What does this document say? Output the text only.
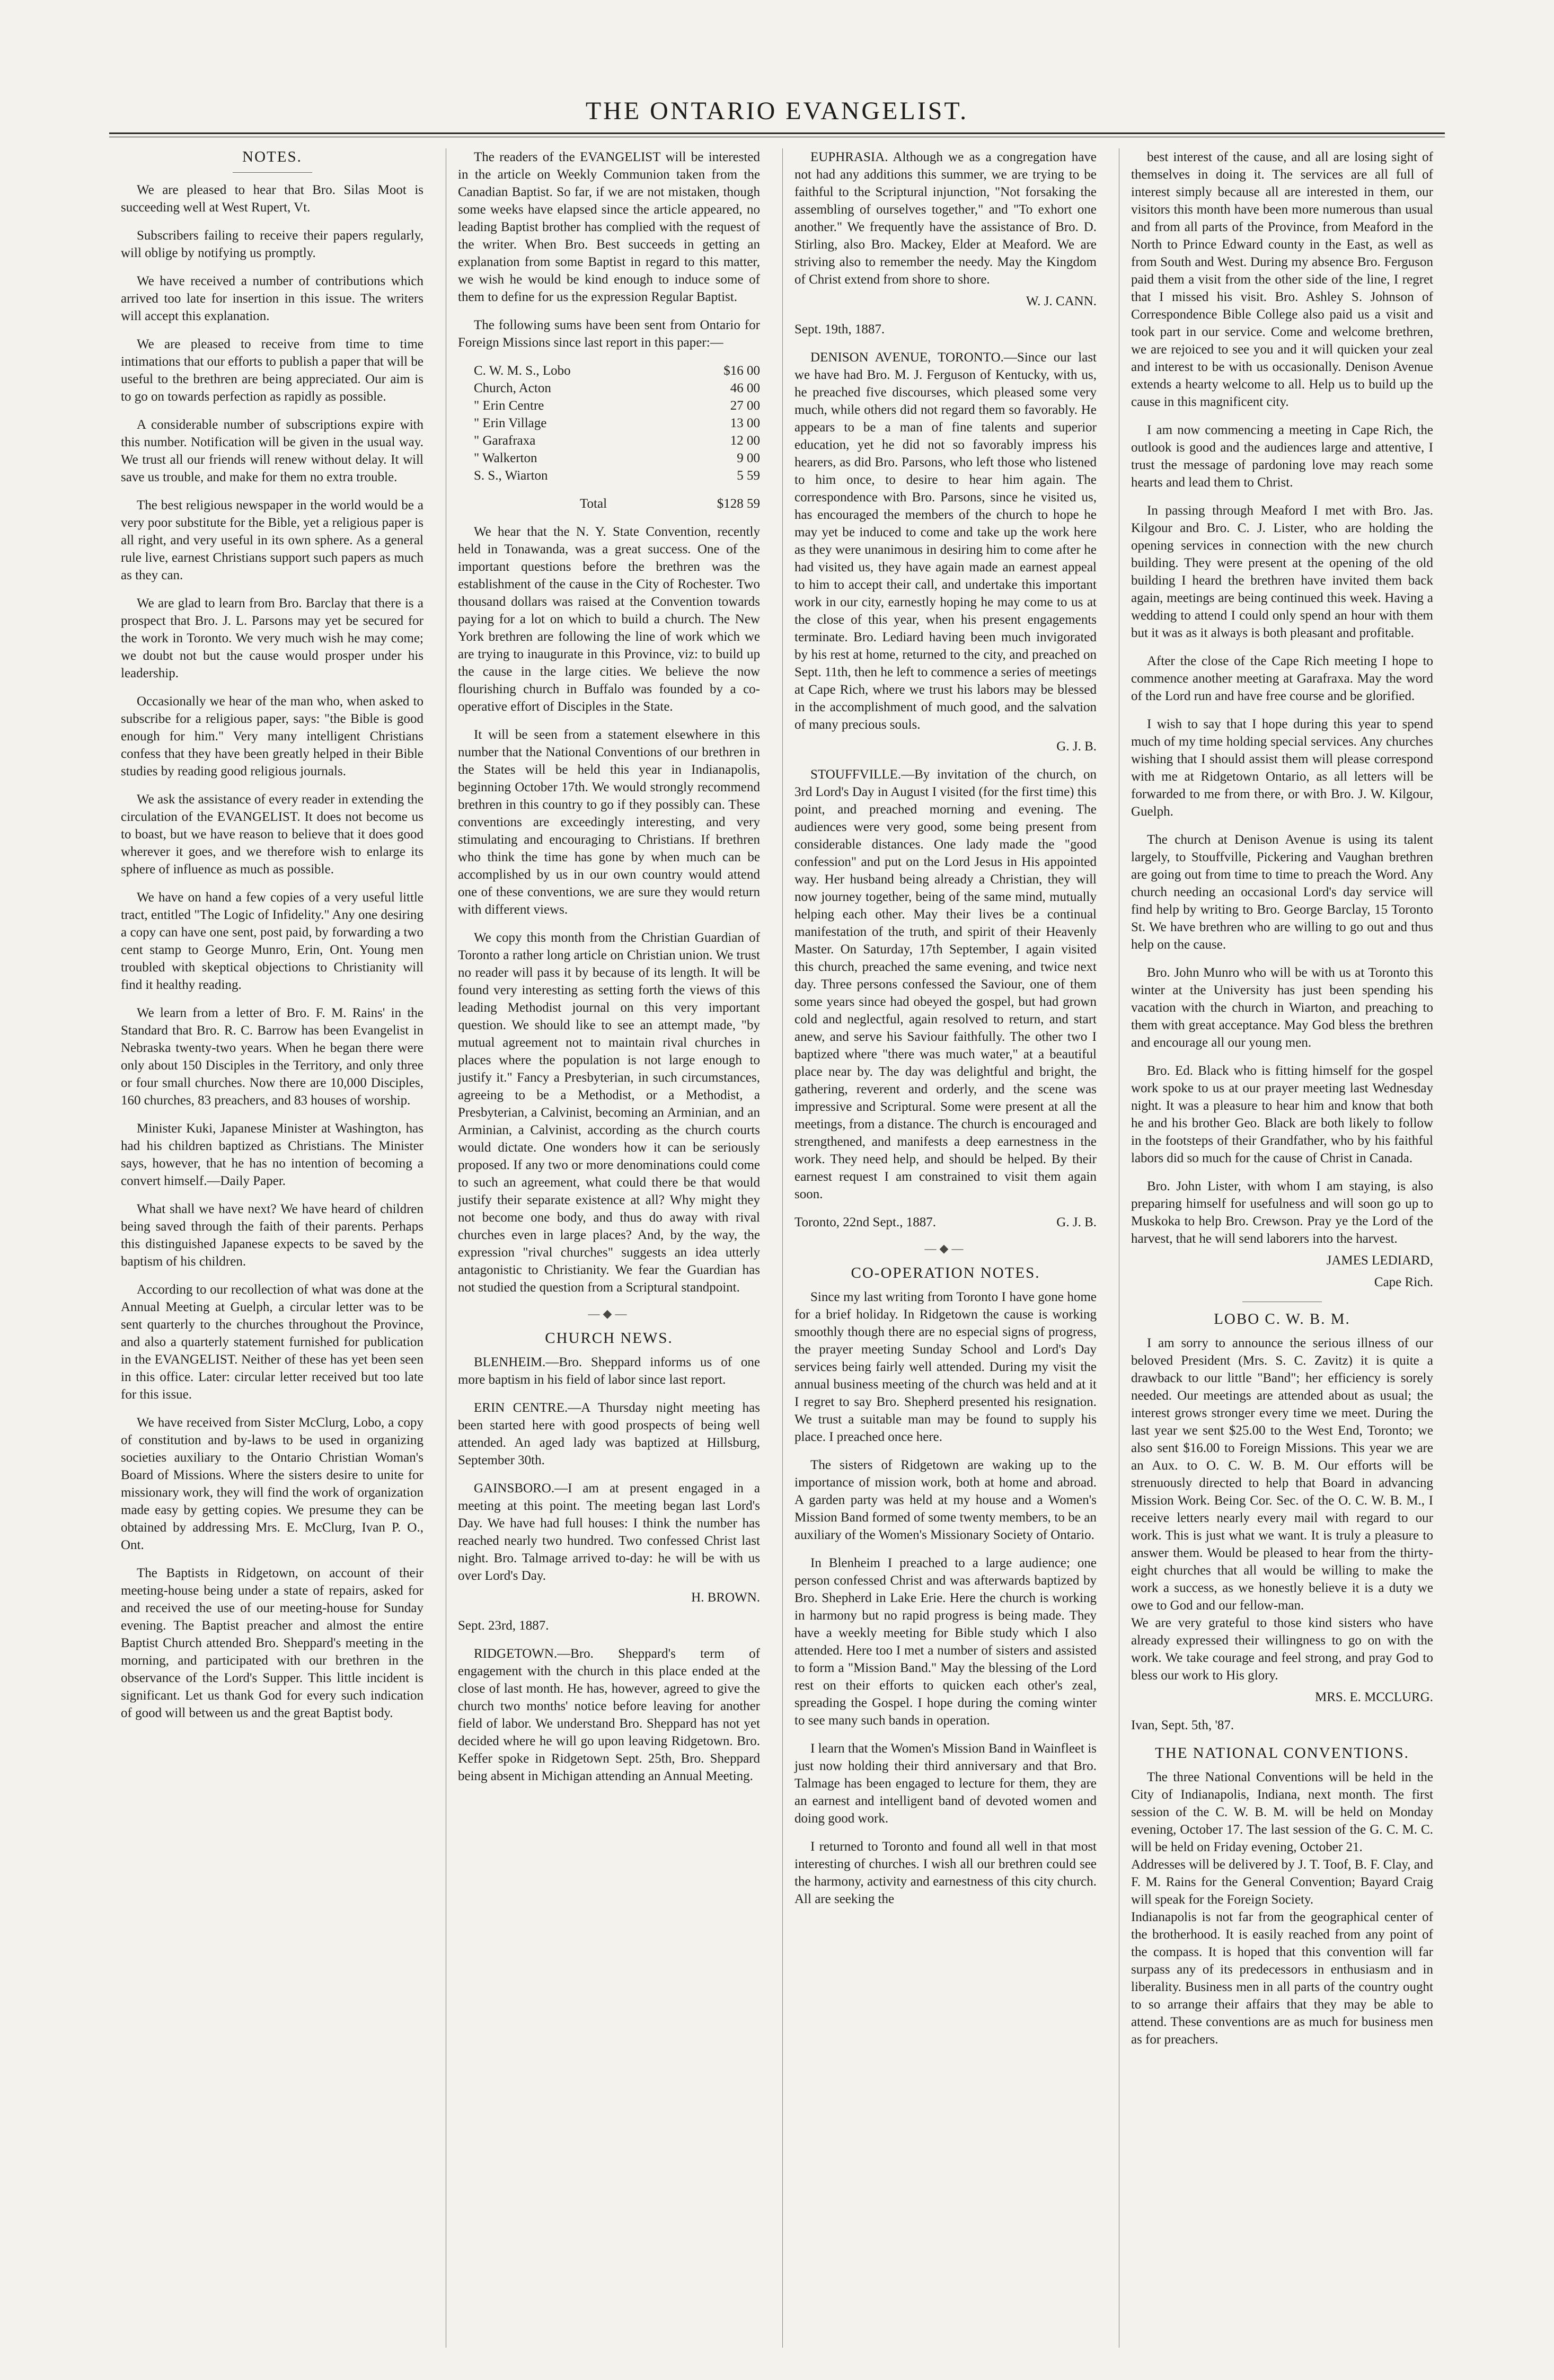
THE ONTARIO EVANGELIST.
NOTES.
We are pleased to hear that Bro. Silas Moot is succeeding well at West Rupert, Vt.
Subscribers failing to receive their papers regularly, will oblige by notifying us promptly.
We have received a number of contributions which arrived too late for insertion in this issue. The writers will accept this explanation.
We are pleased to receive from time to time intimations that our efforts to publish a paper that will be useful to the brethren are being appreciated. Our aim is to go on towards perfection as rapidly as possible.
A considerable number of subscriptions expire with this number. Notification will be given in the usual way. We trust all our friends will renew without delay. It will save us trouble, and make for them no extra trouble.
The best religious newspaper in the world would be a very poor substitute for the Bible, yet a religious paper is all right, and very useful in its own sphere. As a general rule live, earnest Christians support such papers as much as they can.
We are glad to learn from Bro. Barclay that there is a prospect that Bro. J. L. Parsons may yet be secured for the work in Toronto. We very much wish he may come; we doubt not but the cause would prosper under his leadership.
Occasionally we hear of the man who, when asked to subscribe for a religious paper, says: "the Bible is good enough for him." Very many intelligent Christians confess that they have been greatly helped in their Bible studies by reading good religious journals.
We ask the assistance of every reader in extending the circulation of the EVANGELIST. It does not become us to boast, but we have reason to believe that it does good wherever it goes, and we therefore wish to enlarge its sphere of influence as much as possible.
We have on hand a few copies of a very useful little tract, entitled "The Logic of Infidelity." Any one desiring a copy can have one sent, post paid, by forwarding a two cent stamp to George Munro, Erin, Ont. Young men troubled with skeptical objections to Christianity will find it healthy reading.
We learn from a letter of Bro. F. M. Rains' in the Standard that Bro. R. C. Barrow has been Evangelist in Nebraska twenty-two years. When he began there were only about 150 Disciples in the Territory, and only three or four small churches. Now there are 10,000 Disciples, 160 churches, 83 preachers, and 83 houses of worship.
Minister Kuki, Japanese Minister at Washington, has had his children baptized as Christians. The Minister says, however, that he has no intention of becoming a convert himself.—Daily Paper.
What shall we have next? We have heard of children being saved through the faith of their parents. Perhaps this distinguished Japanese expects to be saved by the baptism of his children.
According to our recollection of what was done at the Annual Meeting at Guelph, a circular letter was to be sent quarterly to the churches throughout the Province, and also a quarterly statement furnished for publication in the EVANGELIST. Neither of these has yet been seen in this office. Later: circular letter received but too late for this issue.
We have received from Sister McClurg, Lobo, a copy of constitution and by-laws to be used in organizing societies auxiliary to the Ontario Christian Woman's Board of Missions. Where the sisters desire to unite for missionary work, they will find the work of organization made easy by getting copies. We presume they can be obtained by addressing Mrs. E. McClurg, Ivan P. O., Ont.
The Baptists in Ridgetown, on account of their meeting-house being under a state of repairs, asked for and received the use of our meeting-house for Sunday evening. The Baptist preacher and almost the entire Baptist Church attended Bro. Sheppard's meeting in the morning, and participated with our brethren in the observance of the Lord's Supper. This little incident is significant. Let us thank God for every such indication of good will between us and the great Baptist body.
The readers of the EVANGELIST will be interested in the article on Weekly Communion taken from the Canadian Baptist. So far, if we are not mistaken, though some weeks have elapsed since the article appeared, no leading Baptist brother has complied with the request of the writer. When Bro. Best succeeds in getting an explanation from some Baptist in regard to this matter, we wish he would be kind enough to induce some of them to define for us the expression Regular Baptist.
The following sums have been sent from Ontario for Foreign Missions since last report in this paper:—
C. W. M. S., Lobo	$16 00
Church, Acton	46 00
" Erin Centre	27 00
" Erin Village	13 00
" Garafraxa	12 00
" Walkerton	9 00
S. S., Wiarton	5 59
Total	$128 59
We hear that the N. Y. State Convention, recently held in Tonawanda, was a great success. One of the important questions before the brethren was the establishment of the cause in the City of Rochester. Two thousand dollars was raised at the Convention towards paying for a lot on which to build a church. The New York brethren are following the line of work which we are trying to inaugurate in this Province, viz: to build up the cause in the large cities. We believe the now flourishing church in Buffalo was founded by a co-operative effort of Disciples in the State.
It will be seen from a statement elsewhere in this number that the National Conventions of our brethren in the States will be held this year in Indianapolis, beginning October 17th. We would strongly recommend brethren in this country to go if they possibly can. These conventions are exceedingly interesting, and very stimulating and encouraging to Christians. If brethren who think the time has gone by when much can be accomplished by us in our own country would attend one of these conventions, we are sure they would return with different views.
We copy this month from the Christian Guardian of Toronto a rather long article on Christian union. We trust no reader will pass it by because of its length. It will be found very interesting as setting forth the views of this leading Methodist journal on this very important question. We should like to see an attempt made, "by mutual agreement not to maintain rival churches in places where the population is not large enough to justify it." Fancy a Presbyterian, in such circumstances, agreeing to be a Methodist, or a Methodist, a Presbyterian, a Calvinist, becoming an Arminian, and an Arminian, a Calvinist, according as the church courts would dictate. One wonders how it can be seriously proposed. If any two or more denominations could come to such an agreement, what could there be that would justify their separate existence at all? Why might they not become one body, and thus do away with rival churches even in large places? And, by the way, the expression "rival churches" suggests an idea utterly antagonistic to Christianity. We fear the Guardian has not studied the question from a Scriptural standpoint.
—◆—
CHURCH NEWS.
BLENHEIM.—Bro. Sheppard informs us of one more baptism in his field of labor since last report.
ERIN CENTRE.—A Thursday night meeting has been started here with good prospects of being well attended. An aged lady was baptized at Hillsburg, September 30th.
GAINSBORO.—I am at present engaged in a meeting at this point. The meeting began last Lord's Day. We have had full houses: I think the number has reached nearly two hundred. Two confessed Christ last night. Bro. Talmage arrived to-day: he will be with us over Lord's Day.
H. BROWN.
Sept. 23rd, 1887.
RIDGETOWN.—Bro. Sheppard's term of engagement with the church in this place ended at the close of last month. He has, however, agreed to give the church two months' notice before leaving for another field of labor. We understand Bro. Sheppard has not yet decided where he will go upon leaving Ridgetown. Bro. Keffer spoke in Ridgetown Sept. 25th, Bro. Sheppard being absent in Michigan attending an Annual Meeting.
EUPHRASIA. Although we as a congregation have not had any additions this summer, we are trying to be faithful to the Scriptural injunction, "Not forsaking the assembling of ourselves together," and "To exhort one another." We frequently have the assistance of Bro. D. Stirling, also Bro. Mackey, Elder at Meaford. We are striving also to remember the needy. May the Kingdom of Christ extend from shore to shore.
W. J. CANN.
Sept. 19th, 1887.
DENISON AVENUE, TORONTO.—Since our last we have had Bro. M. J. Ferguson of Kentucky, with us, he preached five discourses, which pleased some very much, while others did not regard them so favorably. He appears to be a man of fine talents and superior education, yet he did not so favorably impress his hearers, as did Bro. Parsons, who left those who listened to him once, to desire to hear him again. The correspondence with Bro. Parsons, since he visited us, has encouraged the members of the church to hope he may yet be induced to come and take up the work here as they were unanimous in desiring him to come after he had visited us, they have again made an earnest appeal to him to accept their call, and undertake this important work in our city, earnestly hoping he may come to us at the close of this year, when his present engagements terminate. Bro. Lediard having been much invigorated by his rest at home, returned to the city, and preached on Sept. 11th, then he left to commence a series of meetings at Cape Rich, where we trust his labors may be blessed in the accomplishment of much good, and the salvation of many precious souls.
G. J. B.
STOUFFVILLE.—By invitation of the church, on 3rd Lord's Day in August I visited (for the first time) this point, and preached morning and evening. The audiences were very good, some being present from considerable distances. One lady made the "good confession" and put on the Lord Jesus in His appointed way. Her husband being already a Christian, they will now journey together, being of the same mind, mutually helping each other. May their lives be a continual manifestation of the truth, and spirit of their Heavenly Master. On Saturday, 17th September, I again visited this church, preached the same evening, and twice next day. Three persons confessed the Saviour, one of them some years since had obeyed the gospel, but had grown cold and neglectful, again resolved to return, and start anew, and serve his Saviour faithfully. The other two I baptized where "there was much water," at a beautiful place near by. The day was delightful and bright, the gathering, reverent and orderly, and the scene was impressive and Scriptural. Some were present at all the meetings, from a distance. The church is encouraged and strengthened, and manifests a deep earnestness in the work. They need help, and should be helped. By their earnest request I am constrained to visit them again soon.
Toronto, 22nd Sept., 1887.	G. J. B.
—◆—
CO-OPERATION NOTES.
Since my last writing from Toronto I have gone home for a brief holiday. In Ridgetown the cause is working smoothly though there are no especial signs of progress, the prayer meeting Sunday School and Lord's Day services being fairly well attended. During my visit the annual business meeting of the church was held and at it I regret to say Bro. Shepherd presented his resignation. We trust a suitable man may be found to supply his place. I preached once here.
The sisters of Ridgetown are waking up to the importance of mission work, both at home and abroad. A garden party was held at my house and a Women's Mission Band formed of some twenty members, to be an auxiliary of the Women's Missionary Society of Ontario.
In Blenheim I preached to a large audience; one person confessed Christ and was afterwards baptized by Bro. Shepherd in Lake Erie. Here the church is working in harmony but no rapid progress is being made. They have a weekly meeting for Bible study which I also attended. Here too I met a number of sisters and assisted to form a "Mission Band." May the blessing of the Lord rest on their efforts to quicken each other's zeal, spreading the Gospel. I hope during the coming winter to see many such bands in operation.
I learn that the Women's Mission Band in Wainfleet is just now holding their third anniversary and that Bro. Talmage has been engaged to lecture for them, they are an earnest and intelligent band of devoted women and doing good work.
I returned to Toronto and found all well in that most interesting of churches. I wish all our brethren could see the harmony, activity and earnestness of this city church. All are seeking the
best interest of the cause, and all are losing sight of themselves in doing it. The services are all full of interest simply because all are interested in them, our visitors this month have been more numerous than usual and from all parts of the Province, from Meaford in the North to Prince Edward county in the East, as well as from South and West. During my absence Bro. Ferguson paid them a visit from the other side of the line, I regret that I missed his visit. Bro. Ashley S. Johnson of Correspondence Bible College also paid us a visit and took part in our service. Come and welcome brethren, we are rejoiced to see you and it will quicken your zeal and interest to be with us occasionally. Denison Avenue extends a hearty welcome to all. Help us to build up the cause in this magnificent city.
I am now commencing a meeting in Cape Rich, the outlook is good and the audiences large and attentive, I trust the message of pardoning love may reach some hearts and lead them to Christ.
In passing through Meaford I met with Bro. Jas. Kilgour and Bro. C. J. Lister, who are holding the opening services in connection with the new church building. They were present at the opening of the old building I heard the brethren have invited them back again, meetings are being continued this week. Having a wedding to attend I could only spend an hour with them but it was as it always is both pleasant and profitable.
After the close of the Cape Rich meeting I hope to commence another meeting at Garafraxa. May the word of the Lord run and have free course and be glorified.
I wish to say that I hope during this year to spend much of my time holding special services. Any churches wishing that I should assist them will please correspond with me at Ridgetown Ontario, as all letters will be forwarded to me from there, or with Bro. J. W. Kilgour, Guelph.
The church at Denison Avenue is using its talent largely, to Stouffville, Pickering and Vaughan brethren are going out from time to time to preach the Word. Any church needing an occasional Lord's day service will find help by writing to Bro. George Barclay, 15 Toronto St. We have brethren who are willing to go out and thus help on the cause.
Bro. John Munro who will be with us at Toronto this winter at the University has just been spending his vacation with the church in Wiarton, and preaching to them with great acceptance. May God bless the brethren and encourage all our young men.
Bro. Ed. Black who is fitting himself for the gospel work spoke to us at our prayer meeting last Wednesday night. It was a pleasure to hear him and know that both he and his brother Geo. Black are both likely to follow in the footsteps of their Grandfather, who by his faithful labors did so much for the cause of Christ in Canada.
Bro. John Lister, with whom I am staying, is also preparing himself for usefulness and will soon go up to Muskoka to help Bro. Crewson. Pray ye the Lord of the harvest, that he will send laborers into the harvest.
JAMES LEDIARD,
Cape Rich.
LOBO C. W. B. M.
I am sorry to announce the serious illness of our beloved President (Mrs. S. C. Zavitz) it is quite a drawback to our little "Band"; her efficiency is sorely needed. Our meetings are attended about as usual; the interest grows stronger every time we meet. During the last year we sent $25.00 to the West End, Toronto; we also sent $16.00 to Foreign Missions. This year we are an Aux. to O. C. W. B. M. Our efforts will be strenuously directed to help that Board in advancing Mission Work. Being Cor. Sec. of the O. C. W. B. M., I receive letters nearly every mail with regard to our work. This is just what we want. It is truly a pleasure to answer them. Would be pleased to hear from the thirty-eight churches that all would be willing to make the work a success, as we honestly believe it is a duty we owe to God and our fellow-man.
We are very grateful to those kind sisters who have already expressed their willingness to go on with the work. We take courage and feel strong, and pray God to bless our work to His glory.
MRS. E. MCCLURG.
Ivan, Sept. 5th, '87.
THE NATIONAL CONVENTIONS.
The three National Conventions will be held in the City of Indianapolis, Indiana, next month. The first session of the C. W. B. M. will be held on Monday evening, October 17. The last session of the G. C. M. C. will be held on Friday evening, October 21.
Addresses will be delivered by J. T. Toof, B. F. Clay, and F. M. Rains for the General Convention; Bayard Craig will speak for the Foreign Society.
Indianapolis is not far from the geographical center of the brotherhood. It is easily reached from any point of the compass. It is hoped that this convention will far surpass any of its predecessors in enthusiasm and in liberality. Business men in all parts of the country ought to so arrange their affairs that they may be able to attend. These conventions are as much for business men as for preachers.
